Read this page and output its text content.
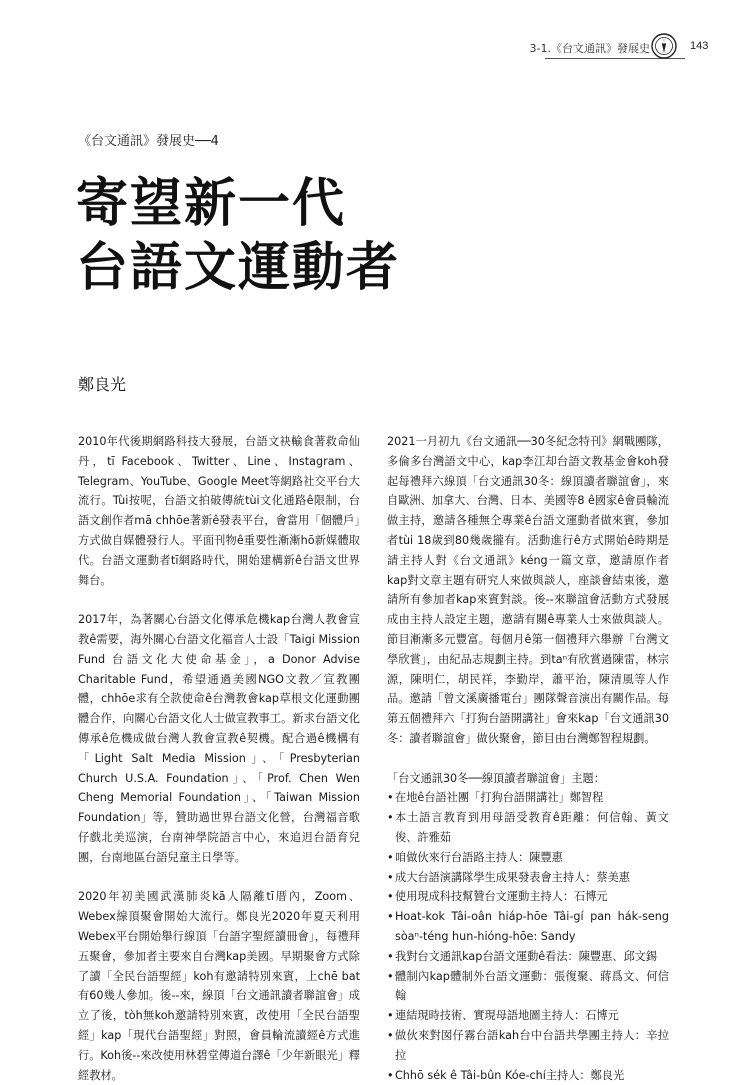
3-1.《台文通訊》發展史	143
《台文通訊》發展史──4
寄望新一代
台語文運動者
鄭良光

2010年代後期網路科技大發展，台語文袂輸食著救命仙丹，tī Facebook、Twitter、Line、Instagram、Telegram、YouTube、Google Meet等網路社交平台大流行。Tùi按呢，台語文拍破傳統tùi文化通路ê限制，台語文創作者mā chhōe著新ê發表平台，會當用「個體戶」方式做自媒體發行人。平面刊物ê重要性漸漸hō新媒體取代。台語文運動者tī網路時代，開始建構新ê台語文世界舞台。

2017年，為著關心台語文化傳承危機kap台灣人教會宣教ê需要，海外關心台語文化福音人士設「Taigi Mission Fund 台語文化大使命基金」，a Donor Advise Charitable Fund，希望通過美國NGO文教／宣教團體，chhōe求有仝款使命ê台灣教會kap草根文化運動團體合作，向關心台語文化人士做宣教事工。新求台語文化傳承ê危機成做台灣人教會宣教ê契機。配合過ê機構有「Light Salt Media Mission」、「Presbyterian Church U.S.A. Foundation」、「Prof. Chen Wen Cheng Memorial Foundation」、「Taiwan Mission Foundation」等，贊助過世界台語文化營，台灣福音歌仔戲北美巡演，台南神學院語言中心，來追迌台語育兒團，台南地區台語兒童主日學等。

2020年初美國武漢肺炎kā人隔離tī厝內，Zoom、Webex線頂聚會開始大流行。鄭良光2020年夏天利用Webex平台開始舉行線頂「台語字聖經讀冊會」，每禮拜五聚會，參加者主要來自台灣kap美國。早期聚會方式除了讀「全民台語聖經」koh有邀請特別來賓，上chē bat有60幾人參加。後--來，線頂「台文通訊讀者聯誼會」成立了後，tòh無koh邀請特別來賓，改使用「全民台語聖經」kap「現代台語聖經」對照，會員輪流讀經ê方式進行。Koh後--來改使用林碧堂傳道台譯ê「少年新眼光」釋經教材。

2021一月初九《台文通訊──30冬紀念特刊》網戰團隊，多倫多台灣語文中心，kap李江却台語文教基金會koh發起每禮拜六線頂「台文通訊30冬：線頂讀者聯誼會」，來自歐洲、加拿大、台灣、日本、美國等8 ê國家ê會員輪流做主持，邀請各種無仝專業ê台語文運動者做來賓，參加者tùi 18歲到80幾歲攏有。活動進行ê方式開始ê時期是請主持人對《台文通訊》kéng一篇文章，邀請原作者kap對文章主題有研究人來做與談人，座談會結束後，邀請所有參加者kap來賓對談。後--來聯誼會活動方式發展成由主持人設定主題，邀請有關ê專業人士來做與談人。節目漸漸多元豐富。每個月ê第一個禮拜六舉辦「台灣文學欣賞」，由紀品志規劃主持。到taⁿ有欣賞過陳雷，林宗源，陳明仁，胡民祥，李勤岸，蕭平治，陳清風等人作品。邀請「曾文溪廣播電台」團隊聲音演出有關作品。每第五個禮拜六「打狗台語開講社」會來kap「台文通訊30冬：讀者聯誼會」做伙聚會，節目由台灣鄭智程規劃。

「台文通訊30冬──線頂讀者聯誼會」主題：
• 在地ê台語社團「打狗台語開講社」鄭智程
• 本土語言教育到用母語受教育ê距離：何信翰、黃文俊、許雅茹
• 咱做伙來行台語路主持人：陳豐惠
• 成大台語演講隊學生成果發表會主持人：蔡美惠
• 使用現成科技幫贊台文運動主持人：石博元
• Hoat-kok Tâi-oân hiáp-hōe Tâi-gí pan hák-seng sòaⁿ-téng hun-hióng-hōe: Sandy
• 我對台文通訊kap台語文運動ê看法：陳豐惠、邱文錫
• 體制內kap體制外台語文運動：張復聚、蔣爲文、何信翰
• 連結現時技術、實現母語地圖主持人：石博元
• 做伙來對囡仔霧台語kah台中台語共學團主持人：辛拉拉
• Chhō sék ê Tâi-bûn Kóe-chí主持人：鄭良光
